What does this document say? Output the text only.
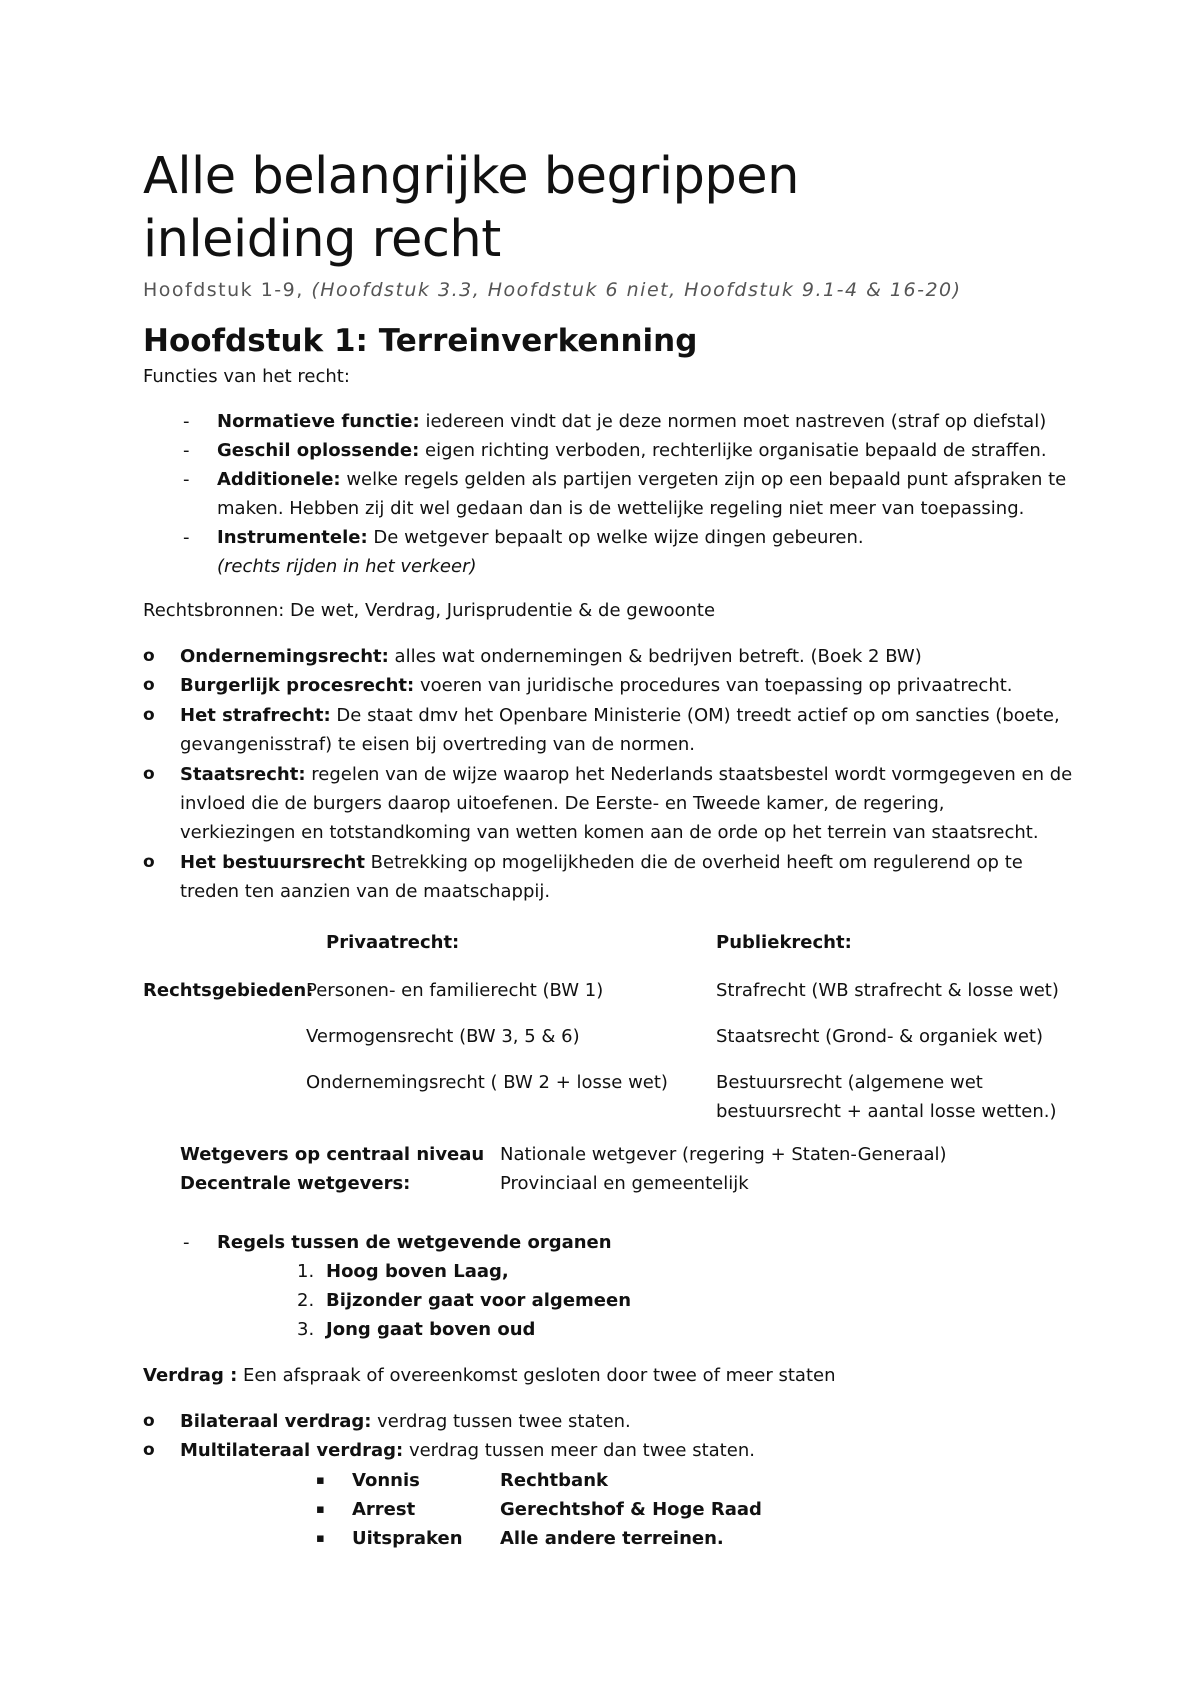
Alle belangrijke begrippen
inleiding recht
Hoofdstuk 1-9, (Hoofdstuk 3.3, Hoofdstuk 6 niet, Hoofdstuk 9.1-4 & 16-20)
Hoofdstuk 1: Terreinverkenning
Functies van het recht:
- Normatieve functie: iedereen vindt dat je deze normen moet nastreven (straf op diefstal)
- Geschil oplossende: eigen richting verboden, rechterlijke organisatie bepaald de straffen.
- Additionele: welke regels gelden als partijen vergeten zijn op een bepaald punt afspraken te
maken. Hebben zij dit wel gedaan dan is de wettelijke regeling niet meer van toepassing.
- Instrumentele: De wetgever bepaalt op welke wijze dingen gebeuren.
(rechts rijden in het verkeer)
Rechtsbronnen: De wet, Verdrag, Jurisprudentie & de gewoonte
o Ondernemingsrecht: alles wat ondernemingen & bedrijven betreft. (Boek 2 BW)
o Burgerlijk procesrecht: voeren van juridische procedures van toepassing op privaatrecht.
o Het strafrecht: De staat dmv het Openbare Ministerie (OM) treedt actief op om sancties (boete,
gevangenisstraf) te eisen bij overtreding van de normen.
o Staatsrecht: regelen van de wijze waarop het Nederlands staatsbestel wordt vormgegeven en de
invloed die de burgers daarop uitoefenen. De Eerste- en Tweede kamer, de regering,
verkiezingen en totstandkoming van wetten komen aan de orde op het terrein van staatsrecht.
o Het bestuursrecht Betrekking op mogelijkheden die de overheid heeft om regulerend op te
treden ten aanzien van de maatschappij.
Privaatrecht:	Publiekrecht:
Rechtsgebieden:
Personen- en familierecht (BW 1)	Strafrecht (WB strafrecht & losse wet)
Vermogensrecht (BW 3, 5 & 6)	Staatsrecht (Grond- & organiek wet)
Ondernemingsrecht ( BW 2 + losse wet)	Bestuursrecht (algemene wet
bestuursrecht + aantal losse wetten.)
Wetgevers op centraal niveau Nationale wetgever (regering + Staten-Generaal)
Decentrale wetgevers:	Provinciaal en gemeentelijk
- Regels tussen de wetgevende organen
1. Hoog boven Laag,
2. Bijzonder gaat voor algemeen
3. Jong gaat boven oud
Verdrag : Een afspraak of overeenkomst gesloten door twee of meer staten
o Bilateraal verdrag: verdrag tussen twee staten.
o Multilateraal verdrag: verdrag tussen meer dan twee staten.
▪ Vonnis	Rechtbank
▪ Arrest	Gerechtshof & Hoge Raad
▪ Uitspraken Alle andere terreinen.
